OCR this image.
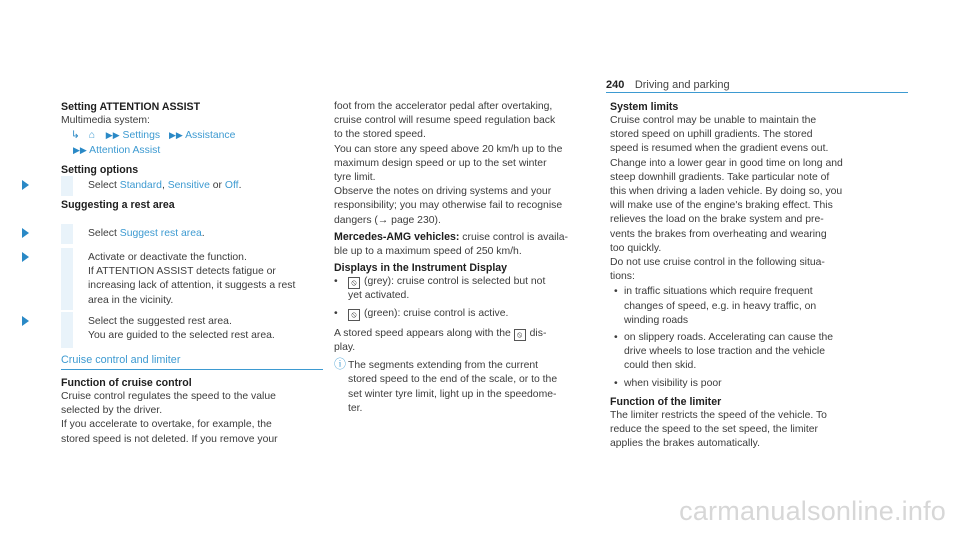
240 Driving and parking
Setting ATTENTION ASSIST
Multimedia system:
↳ ⌂ ▶▶ Settings ▶▶ Assistance
▶▶ Attention Assist
Setting options
Select Standard, Sensitive or Off.
Suggesting a rest area
Select Suggest rest area.
Activate or deactivate the function.
If ATTENTION ASSIST detects fatigue or
increasing lack of attention, it suggests a rest
area in the vicinity.
Select the suggested rest area.
You are guided to the selected rest area.
Cruise control and limiter
Function of cruise control
Cruise control regulates the speed to the value
selected by the driver.
If you accelerate to overtake, for example, the
stored speed is not deleted. If you remove your
foot from the accelerator pedal after overtaking,
cruise control will resume speed regulation back
to the stored speed.
You can store any speed above 20 km/h up to the
maximum design speed or up to the set winter
tyre limit.
Observe the notes on driving systems and your
responsibility; you may otherwise fail to recognise
dangers (→ page 230).
Mercedes-AMG vehicles: cruise control is availa-
ble up to a maximum speed of 250 km/h.
Displays in the Instrument Display
• ⦸ (grey): cruise control is selected but not
yet activated.
• ⦸ (green): cruise control is active.
A stored speed appears along with the ⦸ dis-
play.
ⓘ The segments extending from the current
stored speed to the end of the scale, or to the
set winter tyre limit, light up in the speedome-
ter.
System limits
Cruise control may be unable to maintain the
stored speed on uphill gradients. The stored
speed is resumed when the gradient evens out.
Change into a lower gear in good time on long and
steep downhill gradients. Take particular note of
this when driving a laden vehicle. By doing so, you
will make use of the engine's braking effect. This
relieves the load on the brake system and pre-
vents the brakes from overheating and wearing
too quickly.
Do not use cruise control in the following situa-
tions:
• in traffic situations which require frequent
changes of speed, e.g. in heavy traffic, on
winding roads
• on slippery roads. Accelerating can cause the
drive wheels to lose traction and the vehicle
could then skid.
• when visibility is poor
Function of the limiter
The limiter restricts the speed of the vehicle. To
reduce the speed to the set speed, the limiter
applies the brakes automatically.
carmanualsonline.info
